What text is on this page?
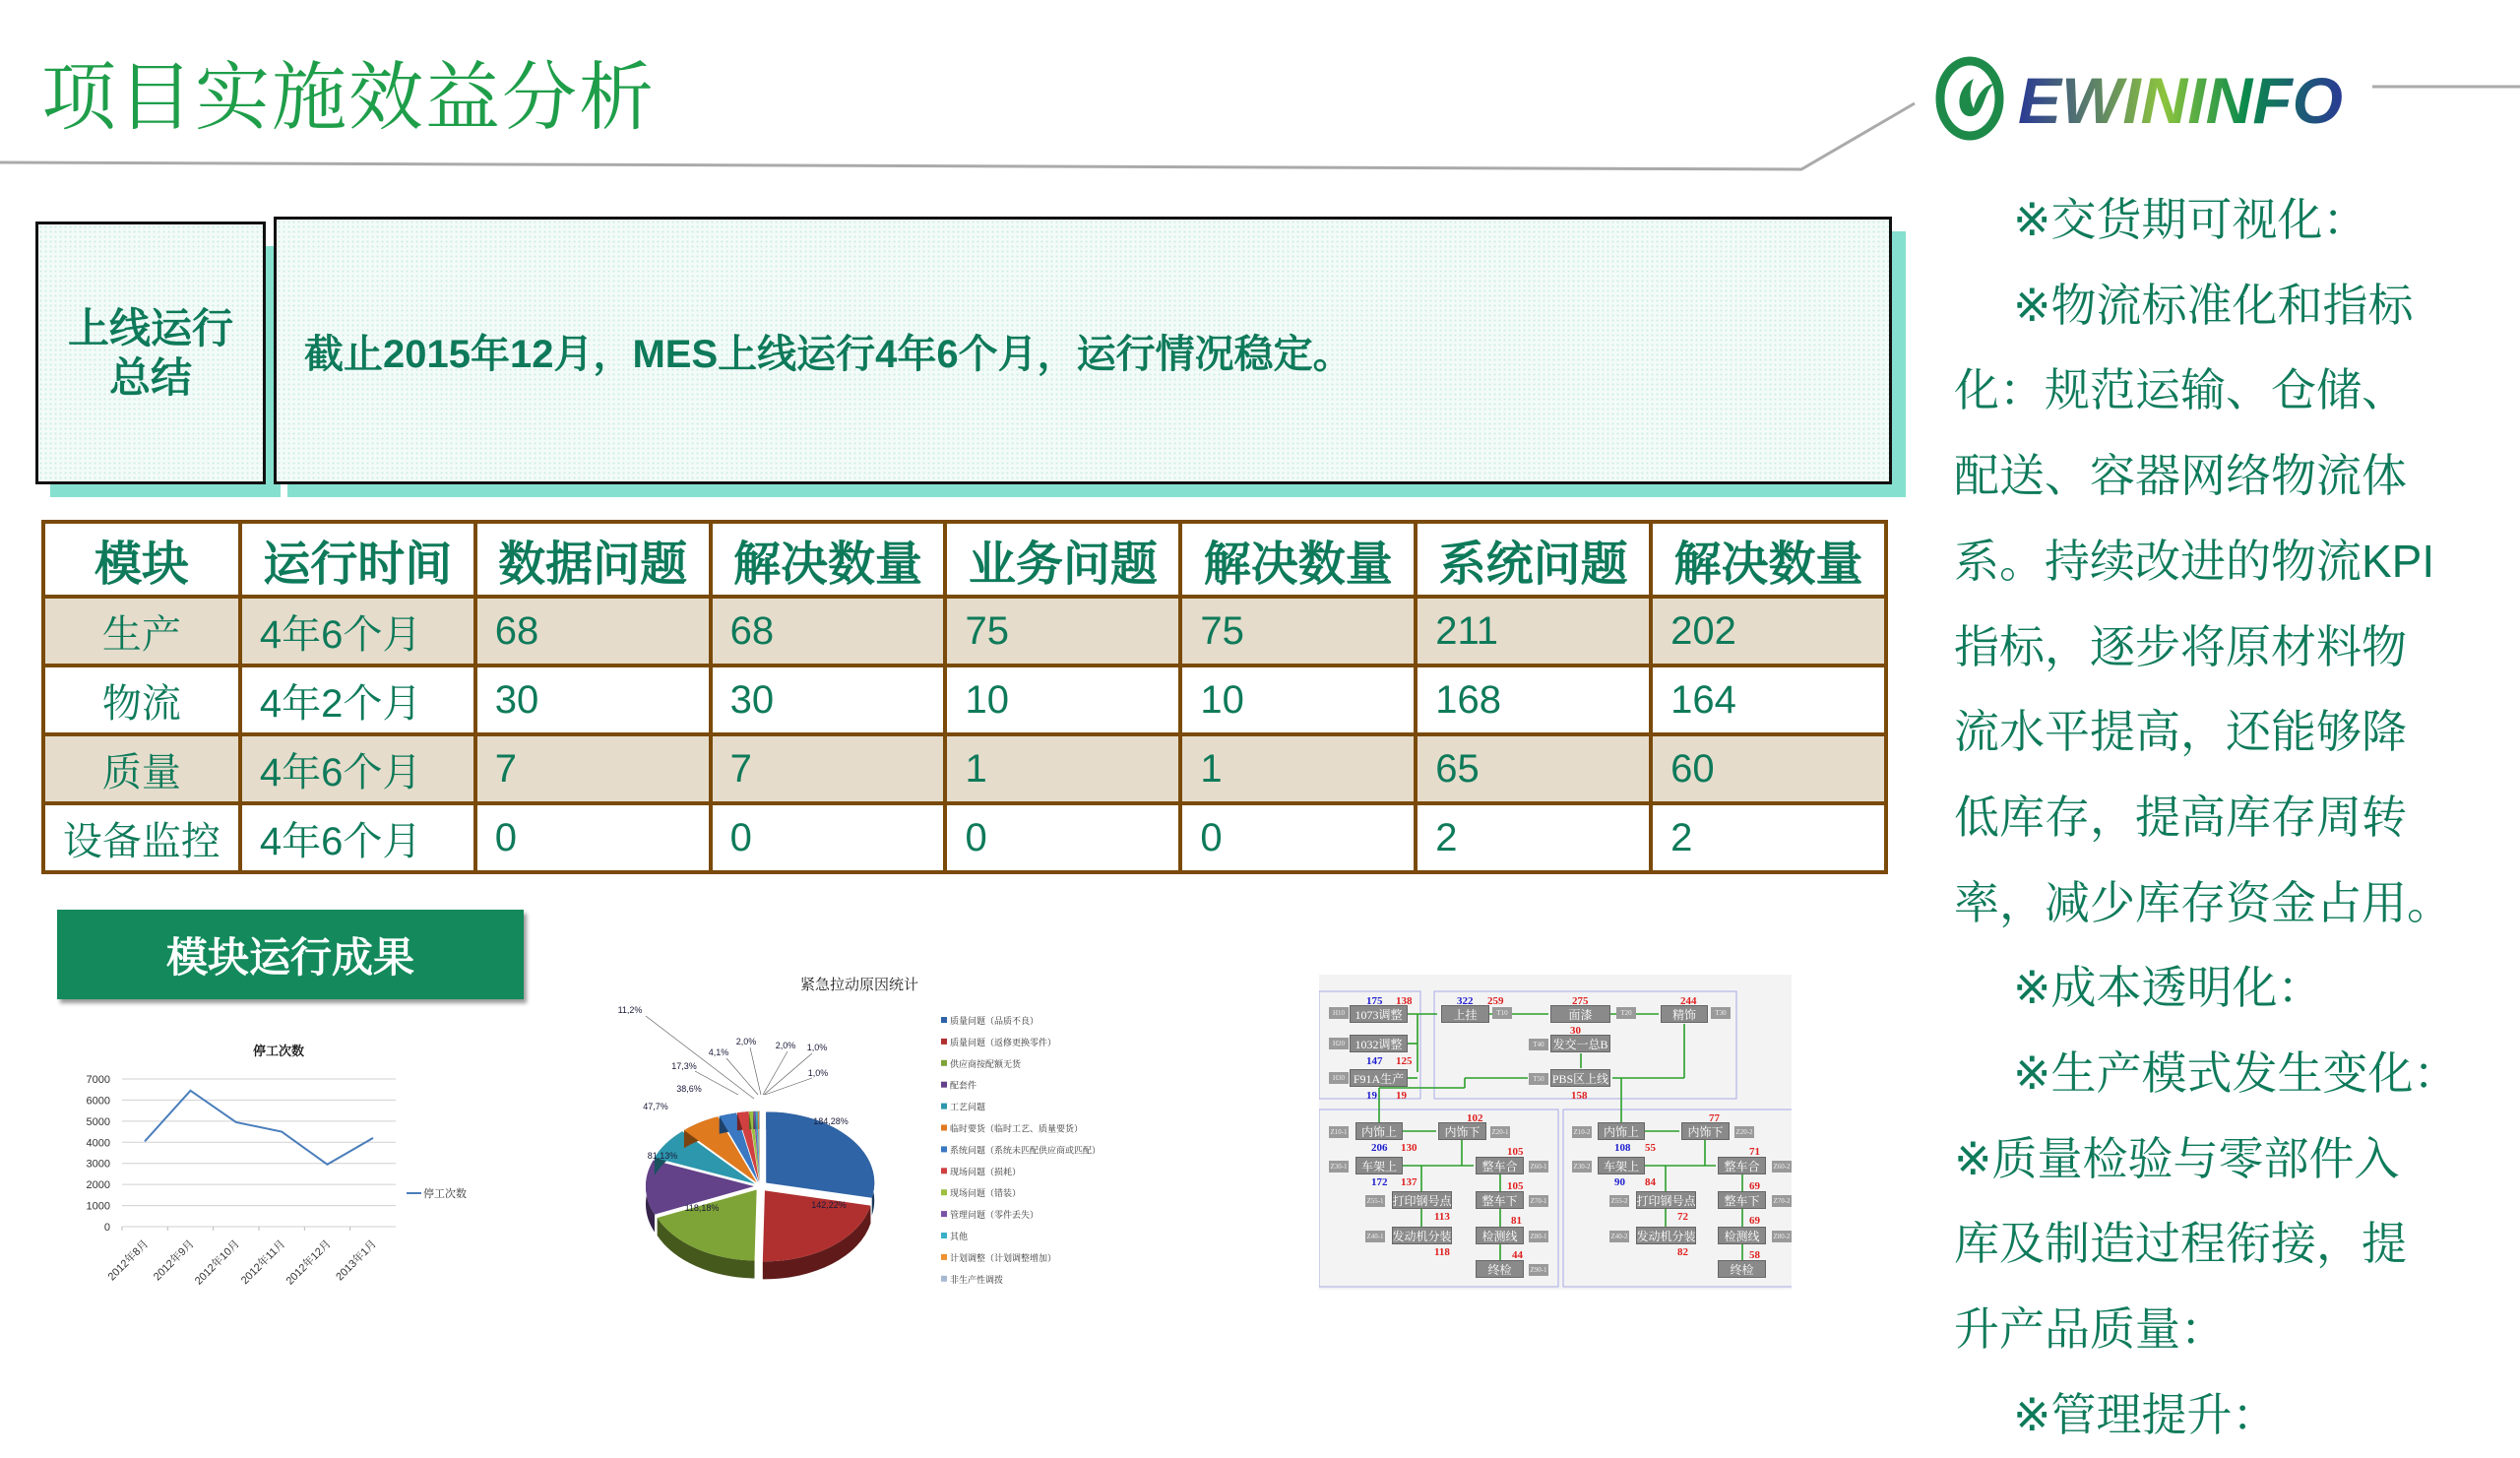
项目实施效益分析	EWININFO
上线运行
总结	截止2015年12月，MES上线运行4年6个月，运行情况稳定。
模块	运行时间	数据问题	解决数量	业务问题	解决数量	系统问题	解决数量
生产	4年6个月	68	68	75	75	211	202
物流	4年2个月	30	30	10	10	168	164
质量	4年6个月	7	7	1	1	65	60
设备监控	4年6个月	0	0	0	0	2	2
模块运行成果
停工次数
0
1000
2000
3000
4000
5000
6000
7000
2012年8月 2012年9月
2012年10月
2012年11月
2012年12月 2013年1月
停工次数
紧急拉动原因统计
184,28%
142,22%
118,18%
81,13%
47,7%
38,6%
17,3%
11,2%
4,1%
2,0% 2,0% 1,0%
1,0%
质量问题（品质不良）
质量问题（返修更换零件）
供应商按配额无货
配套件
工艺问题
临时要货（临时工艺、质量要货）
系统问题（系统未匹配供应商或匹配）
现场问题（损耗）
现场问题（错装）
管理问题（零件丢失）
其他
计划调整（计划调整增加）
非生产性调拨
1073调整
1032调整
F91A生产
上挂	面漆	精饰
发交一总B
PBS区上线
内饰上	内饰下
车架上	整车合
打印钢号点	整车下
发动机分装	检测线
终检
内饰上	内饰下
车架上	整车合
打印钢号点	整车下
发动机分装	检测线
终检
H10
H20
H30
T10	T20	T30
T40
T50
Z10-1	Z20-1
Z30-1	Z60-1
Z55-1	Z70-1
Z40-1	Z80-1
Z90-1
Z10-2	Z20-2
Z30-2	Z60-2
Z55-2	Z70-2
Z40-2	Z80-2
175
147
19
322
206
172
108
90
138
125
19
259	275	244
30
158
102
130	105
137	105
113
118
81
44
77
55	71
84	69
72
82
69
58
※交货期可视化：
※物流标准化和指标
化：规范运输、仓储、
配送、容器网络物流体
系。持续改进的物流KPI
指标，逐步将原材料物
流水平提高，还能够降
低库存，提高库存周转
率，减少库存资金占用。
※成本透明化：
※生产模式发生变化：
※质量检验与零部件入
库及制造过程衔接，提
升产品质量：
※管理提升：
